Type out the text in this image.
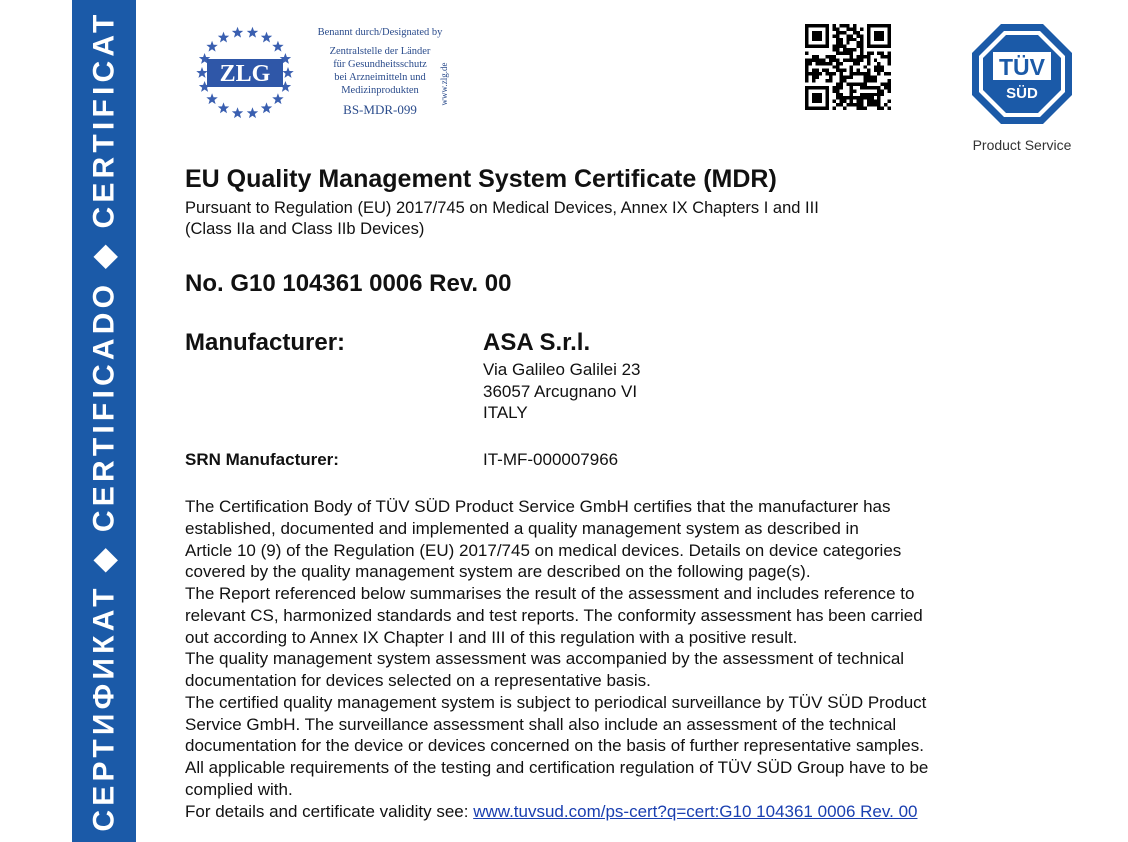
СЕРТИФИКАТ ◆ CERTIFICADO ◆ CERTIFICAT	ZLG
Benannt durch/Designated by
Zentralstelle der Länder
für Gesundheitsschutz
bei Arzneimitteln und
Medizinprodukten
BS-MDR-099
www.zlg.de	TÜV
SÜD
Product Service
EU Quality Management System Certificate (MDR)
Pursuant to Regulation (EU) 2017/745 on Medical Devices, Annex IX Chapters I and III
(Class IIa and Class IIb Devices)
No. G10 104361 0006 Rev. 00
Manufacturer:	ASA S.r.l.
Via Galileo Galilei 23
36057 Arcugnano VI
ITALY
SRN Manufacturer:	IT-MF-000007966
The Certification Body of TÜV SÜD Product Service GmbH certifies that the manufacturer has
established, documented and implemented a quality management system as described in
Article 10 (9) of the Regulation (EU) 2017/745 on medical devices. Details on device categories
covered by the quality management system are described on the following page(s).
The Report referenced below summarises the result of the assessment and includes reference to
relevant CS, harmonized standards and test reports. The conformity assessment has been carried
out according to Annex IX Chapter I and III of this regulation with a positive result.
The quality management system assessment was accompanied by the assessment of technical
documentation for devices selected on a representative basis.
The certified quality management system is subject to periodical surveillance by TÜV SÜD Product
Service GmbH. The surveillance assessment shall also include an assessment of the technical
documentation for the device or devices concerned on the basis of further representative samples.
All applicable requirements of the testing and certification regulation of TÜV SÜD Group have to be
complied with.
For details and certificate validity see: www.tuvsud.com/ps-cert?q=cert:G10 104361 0006 Rev. 00
